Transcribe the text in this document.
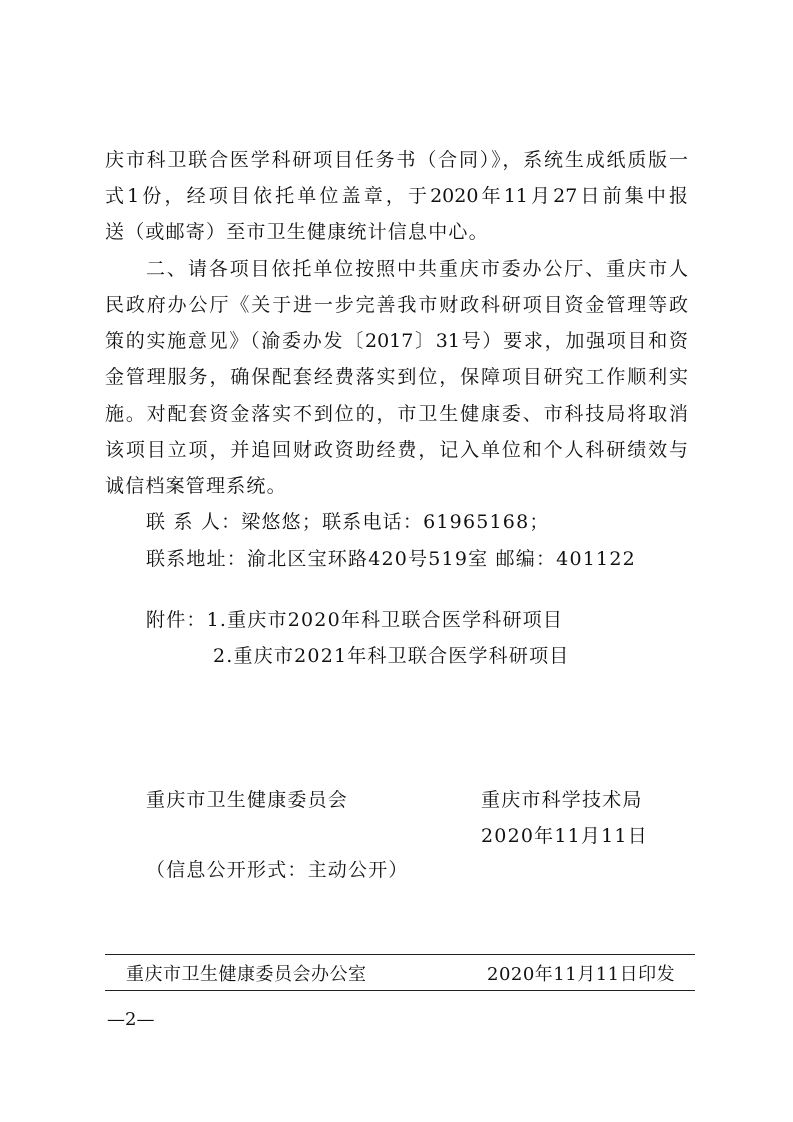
庆市科卫联合医学科研项目任务书（合同）》，系统生成纸质版一
式1份，经项目依托单位盖章，于2020年11月27日前集中报
送（或邮寄）至市卫生健康统计信息中心。
二、请各项目依托单位按照中共重庆市委办公厅、重庆市人
民政府办公厅《关于进一步完善我市财政科研项目资金管理等政
策的实施意见》（渝委办发〔2017〕31号）要求，加强项目和资
金管理服务，确保配套经费落实到位，保障项目研究工作顺利实
施。对配套资金落实不到位的，市卫生健康委、市科技局将取消
该项目立项，并追回财政资助经费，记入单位和个人科研绩效与
诚信档案管理系统。
联 系 人：梁悠悠；联系电话：61965168；
联系地址：渝北区宝环路420号519室 邮编：401122
附件：1.重庆市2020年科卫联合医学科研项目
2.重庆市2021年科卫联合医学科研项目
重庆市卫生健康委员会	重庆市科学技术局
2020年11月11日
（信息公开形式：主动公开）
重庆市卫生健康委员会办公室	2020年11月11日印发
—2—
